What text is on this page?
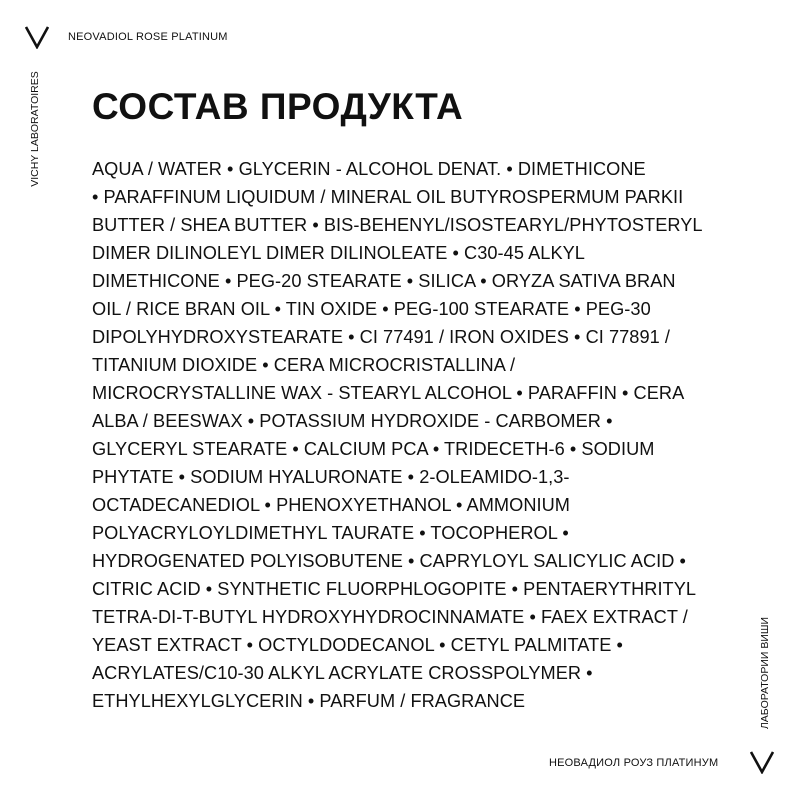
NEOVADIOL ROSE PLATINUM
VICHY LABORATOIRES СОСТАВ ПРОДУКТА
AQUA / WATER • GLYCERIN - ALCOHOL DENAT. • DIMETHICONE
• PARAFFINUM LIQUIDUM / MINERAL OIL BUTYROSPERMUM PARKII
BUTTER / SHEA BUTTER • BIS-BEHENYL/ISOSTEARYL/PHYTOSTERYL
DIMER DILINOLEYL DIMER DILINOLEATE • C30-45 ALKYL
DIMETHICONE • PEG-20 STEARATE • SILICA • ORYZA SATIVA BRAN
OIL / RICE BRAN OIL • TIN OXIDE • PEG-100 STEARATE • PEG-30
DIPOLYHYDROXYSTEARATE • CI 77491 / IRON OXIDES • CI 77891 /
TITANIUM DIOXIDE • CERA MICROCRISTALLINA /
MICROCRYSTALLINE WAX - STEARYL ALCOHOL • PARAFFIN • CERA
ALBA / BEESWAX • POTASSIUM HYDROXIDE - CARBOMER •
GLYCERYL STEARATE • CALCIUM PCA • TRIDECETH-6 • SODIUM
PHYTATE • SODIUM HYALURONATE • 2-OLEAMIDO-1,3-
OCTADECANEDIOL • PHENOXYETHANOL • AMMONIUM
POLYACRYLOYLDIMETHYL TAURATE • TOCOPHEROL •
HYDROGENATED POLYISOBUTENE • CAPRYLOYL SALICYLIC ACID •
CITRIC ACID • SYNTHETIC FLUORPHLOGOPITE • PENTAERYTHRITYL
TETRA-DI-T-BUTYL HYDROXYHYDROCINNAMATE • FAEX EXTRACT /
YEAST EXTRACT • OCTYLDODECANOL • CETYL PALMITATE •
ACRYLATES/C10-30 ALKYL ACRYLATE CROSSPOLYMER •
ETHYLHEXYLGLYCERIN • PARFUM / FRAGRANCE	ЛАБОРАТОРИИ ВИШИ
НЕОВАДИОЛ РОУЗ ПЛАТИНУМ
